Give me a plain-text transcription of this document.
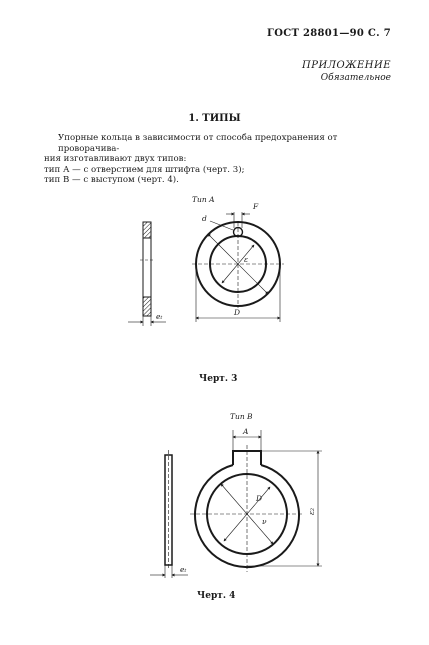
ГОСТ 28801—90 С. 7
ПРИЛОЖЕНИЕ
Обязательное
1. ТИПЫ
Упорные кольца в зависимости от способа предохранения от проворачива-
ния изготавливают двух типов:
тип А — с отверстием для штифта (черт. 3);
тип В — с выступом (черт. 4).
Тип А
eₜ
ε
d
F
D
Тип В
eₜ
D
ν
A
ε₂
Черт. 3
Черт. 4
